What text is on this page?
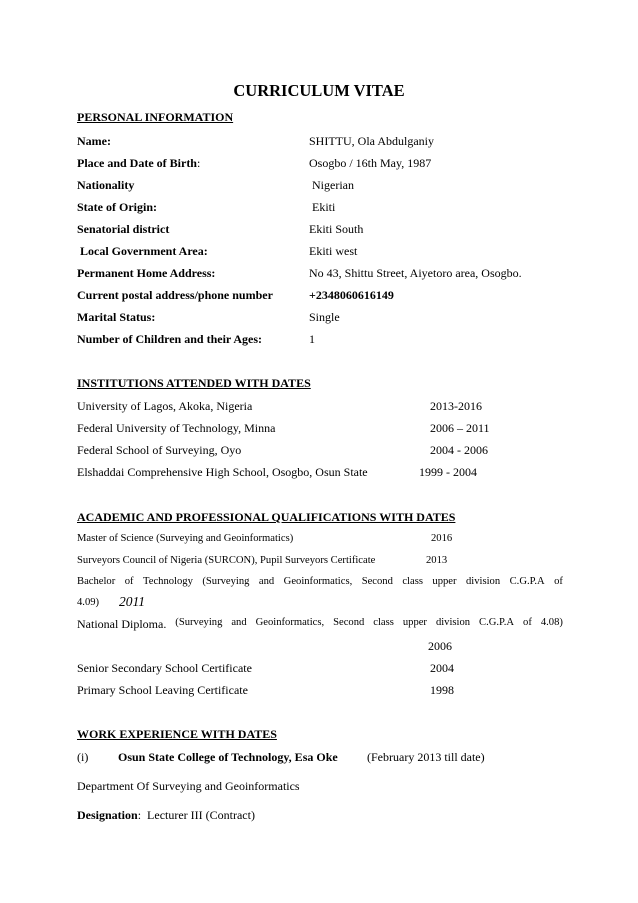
CURRICULUM VITAE
PERSONAL INFORMATION
Name:	SHITTU, Ola Abdulganiy
Place and Date of Birth:	Osogbo / 16th May, 1987
Nationality	Nigerian
State of Origin:	Ekiti
Senatorial district	Ekiti South
Local Government Area:	Ekiti west
Permanent Home Address:	No 43, Shittu Street, Aiyetoro area, Osogbo.
Current postal address/phone number	+2348060616149
Marital Status:	Single
Number of Children and their Ages:	1
INSTITUTIONS ATTENDED WITH DATES
University of Lagos, Akoka, Nigeria	2013-2016
Federal University of Technology, Minna	2006 – 2011
Federal School of Surveying, Oyo	2004 - 2006
Elshaddai Comprehensive High School, Osogbo, Osun State	1999 - 2004
ACADEMIC AND PROFESSIONAL QUALIFICATIONS WITH DATES
Master of Science (Surveying and Geoinformatics)	2016
Surveyors Council of Nigeria (SURCON), Pupil Surveyors Certificate	2013
Bachelor of Technology (Surveying and Geoinformatics, Second class upper division C.G.P.A of
4.09) 2011
National Diploma. (Surveying and Geoinformatics, Second class upper division C.G.P.A of 4.08)
2006
Senior Secondary School Certificate	2004
Primary School Leaving Certificate	1998
WORK EXPERIENCE WITH DATES
(i) Osun State College of Technology, Esa Oke (February 2013 till date)
Department Of Surveying and Geoinformatics
Designation: Lecturer III (Contract)
